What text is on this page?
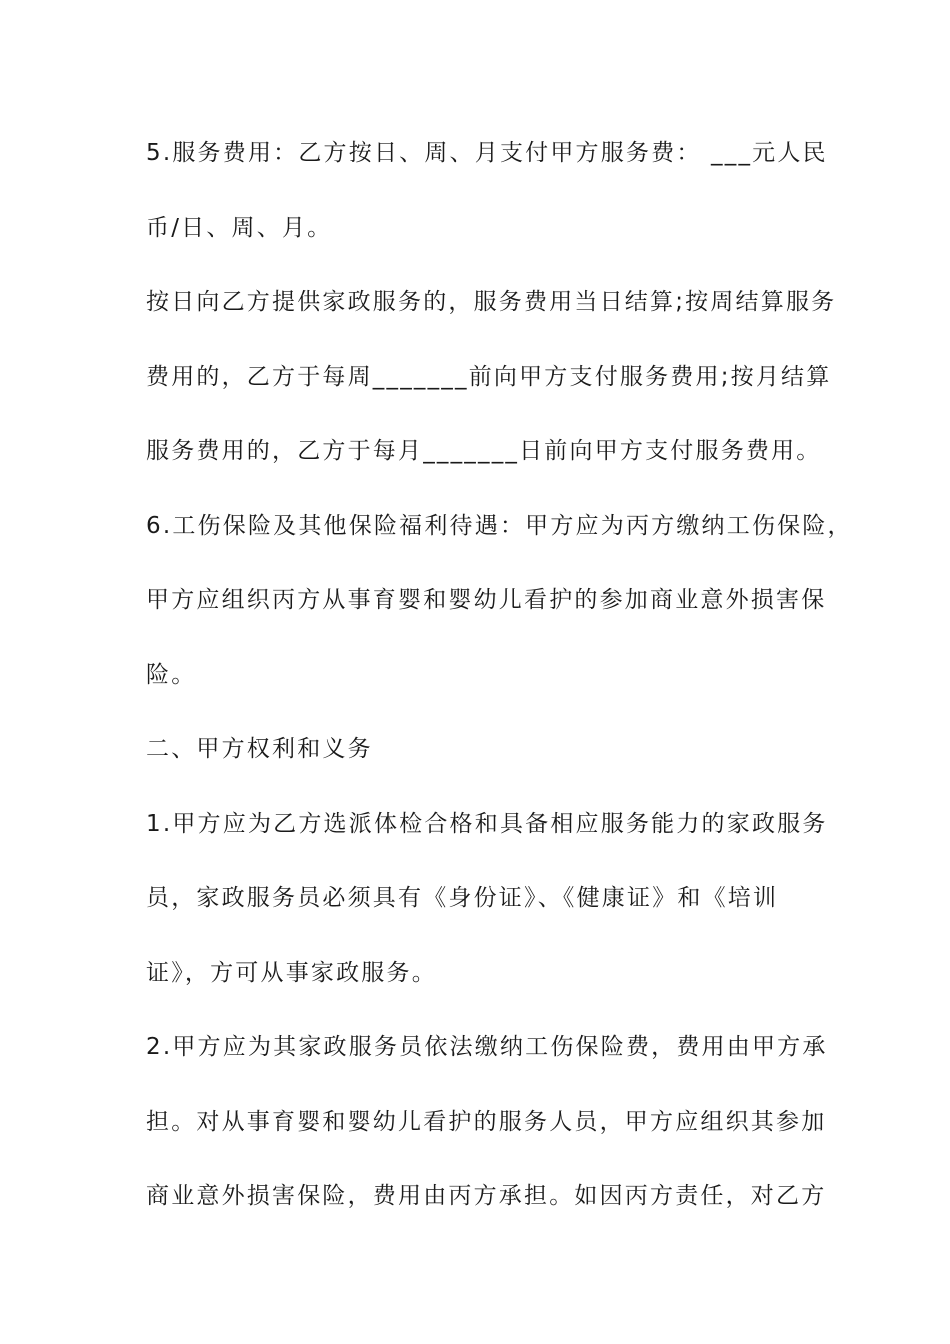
5.服务费用：乙方按日、周、月支付甲方服务费： ___元人民
币/日、周、月。
按日向乙方提供家政服务的，服务费用当日结算;按周结算服务
费用的，乙方于每周_______前向甲方支付服务费用;按月结算
服务费用的，乙方于每月_______日前向甲方支付服务费用。
6.工伤保险及其他保险福利待遇：甲方应为丙方缴纳工伤保险，
甲方应组织丙方从事育婴和婴幼儿看护的参加商业意外损害保
险。
二、甲方权利和义务
1.甲方应为乙方选派体检合格和具备相应服务能力的家政服务
员，家政服务员必须具有《身份证》、《健康证》和《培训
证》，方可从事家政服务。
2.甲方应为其家政服务员依法缴纳工伤保险费，费用由甲方承
担。对从事育婴和婴幼儿看护的服务人员，甲方应组织其参加
商业意外损害保险，费用由丙方承担。如因丙方责任，对乙方
